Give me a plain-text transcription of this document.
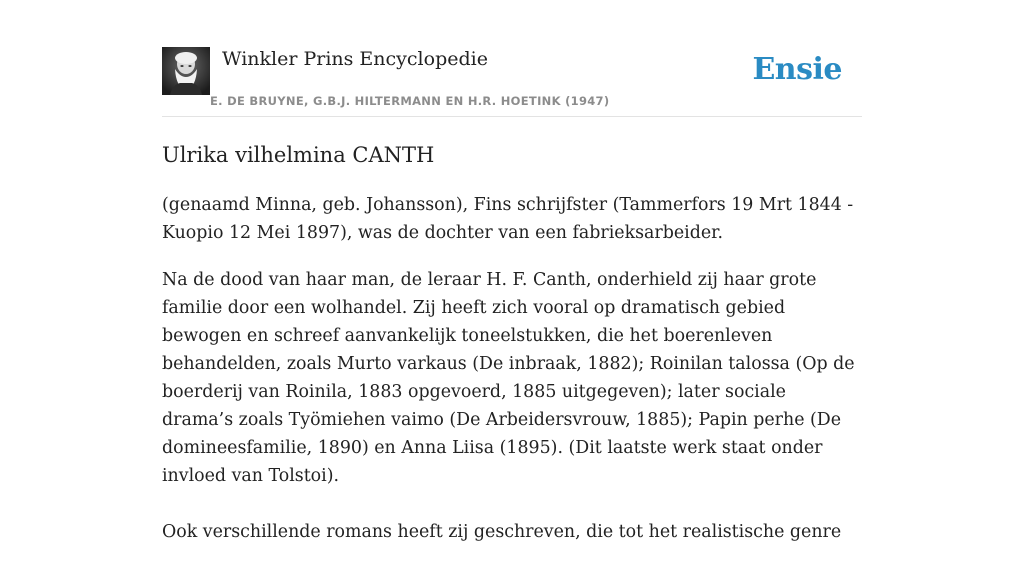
Winkler Prins Encyclopedie
E. DE BRUYNE, G.B.J. HILTERMANN EN H.R. HOETINK (1947)
Ensie
Ulrika vilhelmina CANTH

(genaamd Minna, geb. Johansson), Fins schrijfster (Tammerfors 19 Mrt 1844 - Kuopio 12 Mei 1897), was de dochter van een fabrieksarbeider.

Na de dood van haar man, de leraar H. F. Canth, onderhield zij haar grote familie door een wolhandel. Zij heeft zich vooral op dramatisch gebied bewogen en schreef aanvankelijk toneelstukken, die het boerenleven behandelden, zoals Murto varkaus (De inbraak, 1882); Roinilan talossa (Op de boerderij van Roinila, 1883 opgevoerd, 1885 uitgegeven); later sociale drama’s zoals Työmiehen vaimo (De Arbeidersvrouw, 1885); Papin perhe (De domineesfamilie, 1890) en Anna Liisa (1895). (Dit laatste werk staat onder invloed van Tolstoi).

Ook verschillende romans heeft zij geschreven, die tot het realistische genre
